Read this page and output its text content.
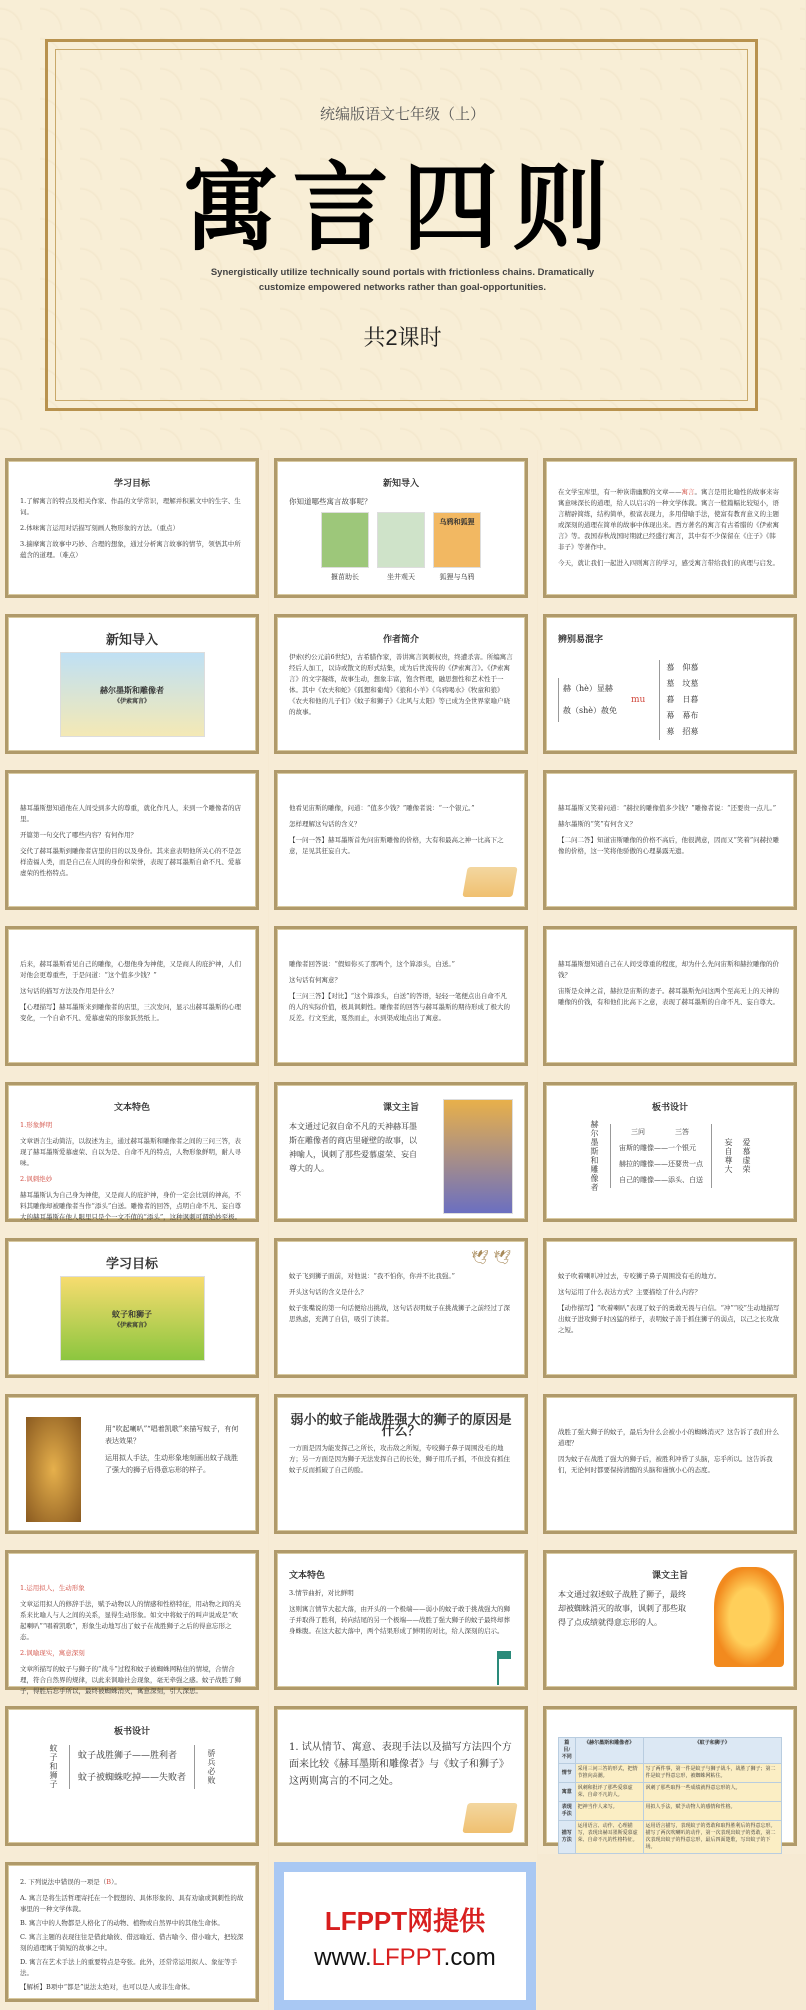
统编版语文七年级（上）
寓言四则
Synergistically utilize technically sound portals with frictionless chains. Dramatically customize empowered networks rather than goal-opportunities.
共2课时
学习目标

1.了解寓言的特点及相关作家、作品的文学常识，理解并积累文中的生字、生词。

2.体味寓言运用对话描写刻画人物形象的方法。（重点）

3.揣摩寓言故事中巧妙、合理的想象，通过分析寓言故事的情节，领悟其中所蕴含的道理。（难点）

新知导入

你知道哪些寓言故事呢？

揠苗助长	坐井观天
乌鸦和狐狸
狐狸与乌鸦

在文学宝库里，有一种诙谐幽默的文章——寓言。寓言是用比喻性的故事来寄寓意味深长的道理，给人以启示的一种文学体裁。寓言一般篇幅比较短小，语言精辟简练，结构简单，极富表现力，多用借喻手法，使富有教育意义的主题或深刻的道理在简单的故事中体现出来。西方著名的寓言有古希腊的《伊索寓言》等。我国春秋战国时期就已经盛行寓言，其中有不少保留在《庄子》《韩非子》等著作中。

今天，就让我们一起进入四则寓言的学习，感受寓言带给我们的真理与启发。

新知导入
赫尔墨斯和雕像者
《伊索寓言》
作者简介

伊索(约公元前6世纪)，古希腊作家，善讲寓言讽刺权贵，终遭杀害。所编寓言经后人加工，以诗或散文的形式结集，成为后世流传的《伊索寓言》。《伊索寓言》的文字凝练，故事生动，想象丰富，饱含哲理，融思想性和艺术性于一体。其中《农夫和蛇》《狐狸和葡萄》《狼和小羊》《乌鸦喝水》《牧童和狼》《农夫和他的儿子们》《蚊子和狮子》《北风与太阳》等已成为全世界家喻户晓的故事。

辨别易混字
赫（hè）显赫
赦（shè）赦免
mu
慕　仰慕
墓　坟墓
暮　日暮
幕　幕布
募　招募

赫耳墨斯想知道他在人间受到多大的尊重，就化作凡人，来到一个雕像者的店里。

开篇第一句交代了哪些内容？有何作用？

交代了赫耳墨斯到雕像者店里的目的以及身份。其来意表明他所关心的不是怎样造福人类，而是自己在人间的身份和荣誉，表现了赫耳墨斯自命不凡、爱慕虚荣的性格特点。

他看见宙斯的雕像，问道：“值多少钱？”雕像者说：“一个银元。”

怎样理解这句话的含义？

【一问一答】赫耳墨斯首先问宙斯雕像的价格，大有和最高之神一比高下之意，足见其狂妄自大。

赫耳墨斯又笑着问道：“赫拉的雕像值多少钱？”雕像者说：“还要贵一点儿。”

赫尔墨斯的“笑”有何含义？

【二问二答】知道宙斯雕像的价格不高后，他很满意，因而又“笑着”问赫拉雕像的价格，这一笑将他骄傲的心理暴露无遗。

后来，赫耳墨斯看见自己的雕像，心想他身为神使，又是商人的庇护神，人们对他会更尊重些，于是问道：“这个值多少钱？”

这句话的描写方法及作用是什么？

【心理描写】赫耳墨斯来到雕像者的店里，三次发问，显示出赫耳墨斯的心理变化，一个自命不凡、爱慕虚荣的形象跃然纸上。

雕像者回答说：“假如你买了那两个，这个算添头，白送。”

这句话有何寓意？

【三问三答】【对比】“这个算添头，白送”的答语，轻轻一笔便点出自命不凡的人的实际价值，极具讽刺性。雕像者的回答与赫耳墨斯的期待形成了极大的反差。行文至此，戛然而止，水到渠成地点出了寓意。

赫耳墨斯想知道自己在人间受尊重的程度，却为什么先问宙斯和赫拉雕像的价钱？

宙斯是众神之首，赫拉是宙斯的妻子。赫耳墨斯先问这两个至高无上的天神的雕像的价钱，有和他们比高下之意，表现了赫耳墨斯的自命不凡、妄自尊大。

文本特色

1.形象鲜明

文章语言生动简洁，以叙述为主，通过赫耳墨斯和雕像者之间的三问三答，表现了赫耳墨斯爱慕虚荣、自以为是、自命不凡的特点，人物形象鲜明，耐人寻味。

2.讽刺绝妙

赫耳墨斯认为自己身为神使，又是商人的庇护神，身价一定会比别的神高，不料其雕像却被雕像者当作“添头”白送。雕像者的回答，点明自命不凡、妄自尊大的赫耳墨斯在他人眼里只是个一文不值的“添头”，这种讽刺可谓绝妙至极。

课文主旨

本文通过记叙自命不凡的天神赫耳墨斯在雕像者的商店里碰壁的故事，以神喻人，讽刺了那些爱慕虚荣、妄自尊大的人。

板书设计
赫尔墨斯和雕像者	三问	三答
宙斯的雕像——一个银元
赫拉的雕像——还要贵一点
自己的雕像——添头、白送
妄自尊大	爱慕虚荣
学习目标
蚊子和狮子
《伊索寓言》

蚊子飞到狮子面前，对他说：“我不怕你，你并不比我强。”

开头这句话的含义是什么？

蚊子张嘴说的第一句话便给出挑战，这句话表明蚊子在挑战狮子之前经过了深思熟虑，充满了自信，吸引了读者。

🕊 🕊

蚊子吹着喇叭冲过去，专咬狮子鼻子周围没有毛的地方。

这句运用了什么表达方式？主要描绘了什么内容？

【动作描写】“吹着喇叭”表现了蚊子的勇敢无畏与自信。“冲”“咬”生动地描写出蚊子进攻狮子时凶猛的样子，表明蚊子善于抓住狮子的弱点，以己之长攻敌之短。

用“吹起喇叭”“唱着凯歌”来描写蚊子，有何表达效果？

运用拟人手法，生动形象地刻画出蚊子战胜了强大的狮子后得意忘形的样子。

弱小的蚊子能战胜强大的狮子的原因是什么？

一方面是因为能发挥己之所长，攻击敌之所短，专咬狮子鼻子周围没毛的地方；另一方面是因为狮子无法发挥自己的长处，狮子用爪子抓，不但没有抓住蚊子反而抓破了自己的脸。

战胜了强大狮子的蚊子，最后为什么会被小小的蜘蛛消灭？这告诉了我们什么道理？

因为蚊子在战胜了强大的狮子后，被胜利冲昏了头脑，忘乎所以。这告诉我们，无论何时都要保持清醒的头脑和谨慎小心的态度。

1.运用拟人，生动形象

文章运用拟人的修辞手法，赋予动物以人的情感和性格特征，用动物之间的关系来比喻人与人之间的关系，显得生动形象。如文中将蚊子的叫声说成是“吹起喇叭”“唱着凯歌”，形象生动地写出了蚊子在战胜狮子之后的得意忘形之态。

2.讽喻现实，寓意深刻

文章所描写的蚊子与狮子的“战斗”过程和蚊子被蜘蛛网粘住的情境，合情合理，符合自然界的规律，以此来讽喻社会现象，毫无牵强之感。蚊子战胜了狮子，得胜后忘乎所以，最终被蜘蛛消灭，寓意深刻，引人深思。

文本特色

3.情节曲折，对比鲜明

这则寓言情节大起大落，由开头的一个极端——弱小的蚊子敢于挑战强大的狮子并取得了胜利，转向结尾的另一个极端——战胜了强大狮子的蚊子最终却葬身蛛腹。在这大起大落中，两个结果形成了鲜明的对比，给人深刻的启示。

课文主旨

本文通过叙述蚊子战胜了狮子，最终却被蜘蛛消灭的故事，讽刺了那些取得了点成绩就得意忘形的人。

板书设计
蚊子和狮子	蚊子战胜狮子——胜利者
蚊子被蜘蛛吃掉——失败者	骄兵必败

1. 试从情节、寓意、表现手法以及描写方法四个方面来比较《赫耳墨斯和雕像者》与《蚊子和狮子》这两则寓言的不同之处。

篇目/不同	《赫尔墨斯和雕像者》	《蚊子和狮子》
情节	采用三问三答的形式，把情节推向高潮。	写了两件事，第一件是蚊子与狮子战斗，战胜了狮子；第二件是蚊子得意忘形，被蜘蛛网粘住。
寓意	讽刺和批评了那些爱慕虚荣、自命不凡的人。	讽刺了那些取得一些成绩就得意忘形的人。
表现手法	把神当作人来写。	用拟人手法，赋予动物人的感情和性格。
描写方法	运用语言、动作、心理描写，表现出赫耳墨斯爱慕虚荣、自命不凡的性格特征。	运用语言描写，表现蚊子的勇敢和取得胜利后的得意忘形。描写了两次吹喇叭的动作，第一次表现出蚊子的勇敢，第二次表现出蚊子的得意忘形，最后四面楚歌，写出蚊子的下场。

2. 下列说法中错误的一项是（B）。

A. 寓言是将生活哲理寄托在一个假想的、具体形象的、具有劝谕或讽刺性的故事里的一种文学体裁。

B. 寓言中的人物都是人格化了的动物、植物或自然界中的其他生命体。

C. 寓言主题的表现往往是借此喻彼、借远喻近、借古喻今、借小喻大，把较深刻的道理寓于简短的故事之中。

D. 寓言在艺术手法上的重要特点是夸张。此外，还常常运用拟人、象征等手法。

【解析】B项中“都是”说法太绝对，也可以是人或非生命体。

LFPPT网提供
www.LFPPT.com
